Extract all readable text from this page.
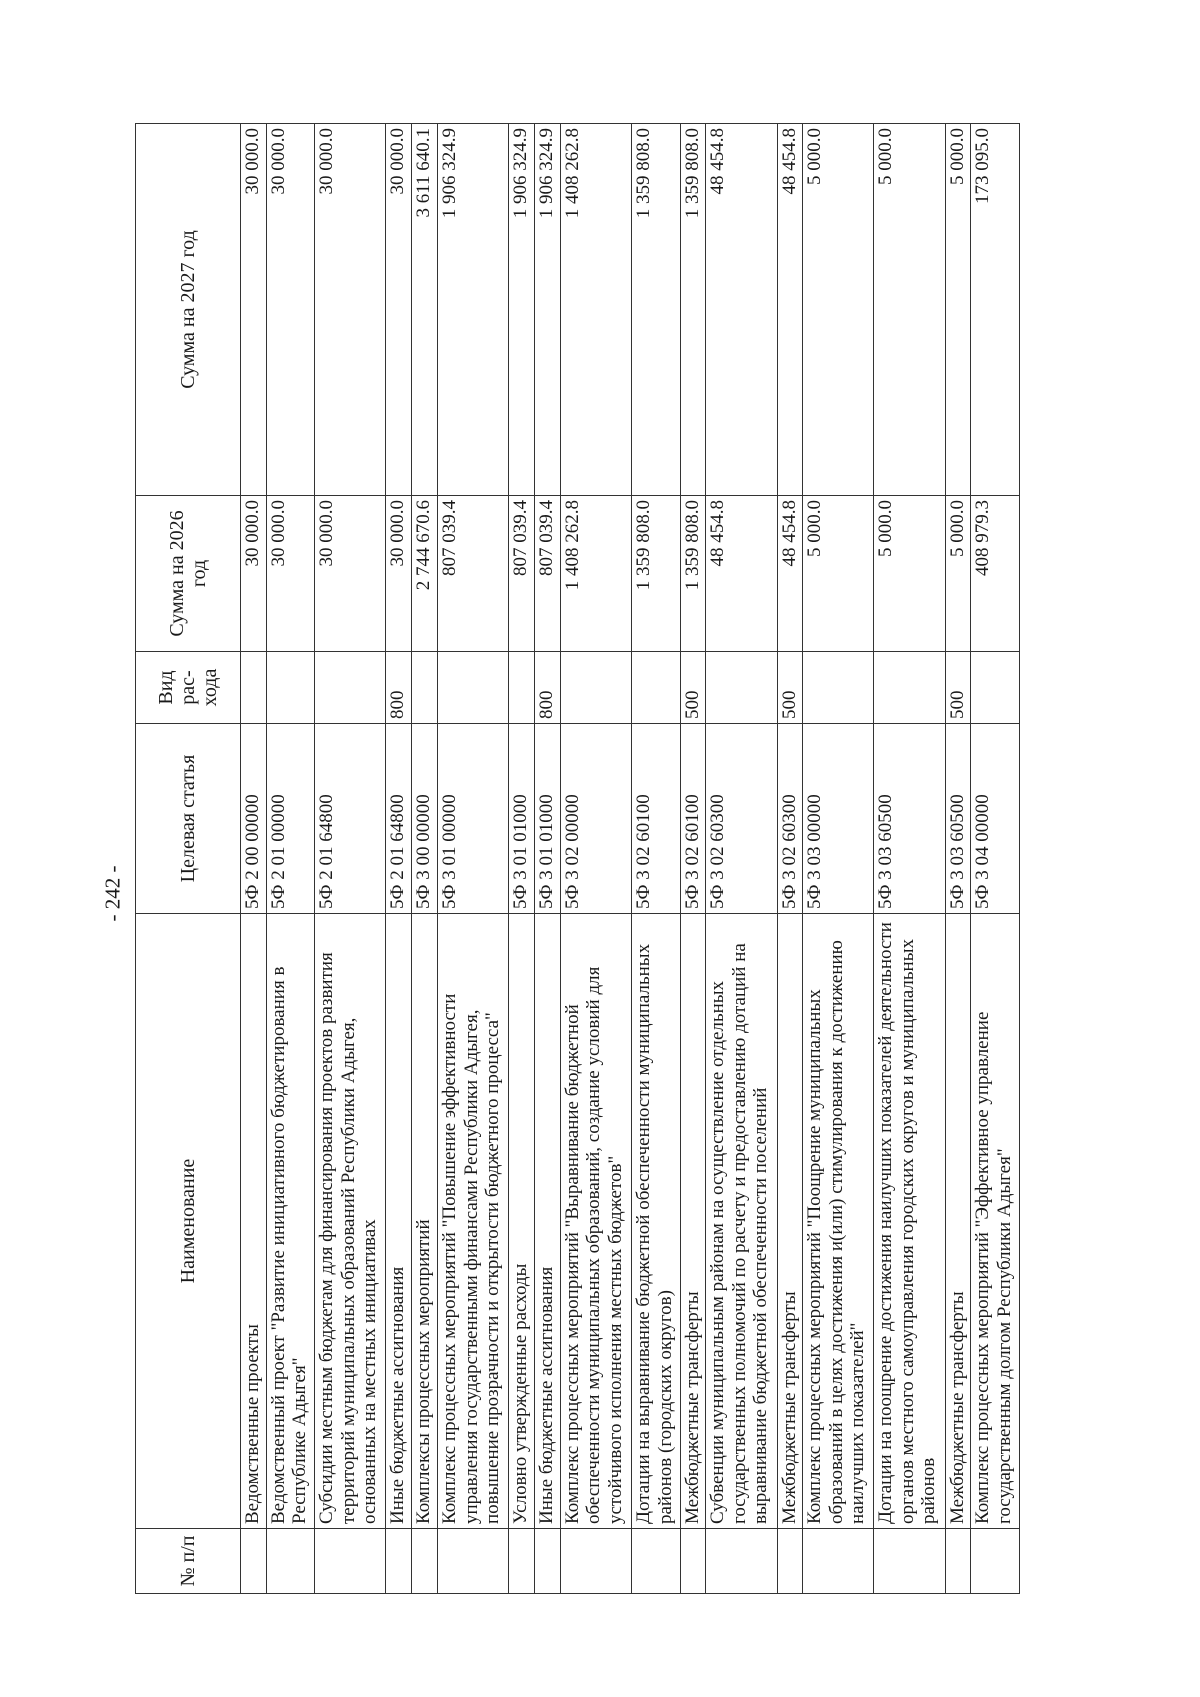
- 242 -
№ п/п	Наименование	Целевая статья	Вид рас- хода	Сумма на 2026 год	Сумма на 2027 год
	Ведомственные проекты	5Ф 2 00 00000		30 000.0	30 000.0
	Ведомственный проект "Развитие инициативного бюджетирования в Республике Адыгея"	5Ф 2 01 00000		30 000.0	30 000.0
	Субсидии местным бюджетам для финансирования проектов развития территорий муниципальных образований Республики Адыгея, основанных на местных инициативах	5Ф 2 01 64800		30 000.0	30 000.0
	Иные бюджетные ассигнования	5Ф 2 01 64800	800	30 000.0	30 000.0
	Комплексы процессных мероприятий	5Ф 3 00 00000		2 744 670.6	3 611 640.1
	Комплекс процессных мероприятий "Повышение эффективности управления государственными финансами Республики Адыгея, повышение прозрачности и открытости бюджетного процесса"	5Ф 3 01 00000		807 039.4	1 906 324.9
	Условно утвержденные расходы	5Ф 3 01 01000		807 039.4	1 906 324.9
	Иные бюджетные ассигнования	5Ф 3 01 01000	800	807 039.4	1 906 324.9
	Комплекс процессных мероприятий "Выравнивание бюджетной обеспеченности муниципальных образований, создание условий для устойчивого исполнения местных бюджетов"	5Ф 3 02 00000		1 408 262.8	1 408 262.8
	Дотации на выравнивание бюджетной обеспеченности муниципальных районов (городских округов)	5Ф 3 02 60100		1 359 808.0	1 359 808.0
	Межбюджетные трансферты	5Ф 3 02 60100	500	1 359 808.0	1 359 808.0
	Субвенции муниципальным районам на осуществление отдельных государственных полномочий по расчету и предоставлению дотаций на выравнивание бюджетной обеспеченности поселений	5Ф 3 02 60300		48 454.8	48 454.8
	Межбюджетные трансферты	5Ф 3 02 60300	500	48 454.8	48 454.8
	Комплекс процессных мероприятий "Поощрение муниципальных образований в целях достижения и(или) стимулирования к достижению наилучших показателей"	5Ф 3 03 00000		5 000.0	5 000.0
	Дотации на поощрение достижения наилучших показателей деятельности органов местного самоуправления городских округов и муниципальных районов	5Ф 3 03 60500		5 000.0	5 000.0
	Межбюджетные трансферты	5Ф 3 03 60500	500	5 000.0	5 000.0
	Комплекс процессных мероприятий "Эффективное управление государственным долгом Республики Адыгея"	5Ф 3 04 00000		408 979.3	173 095.0
